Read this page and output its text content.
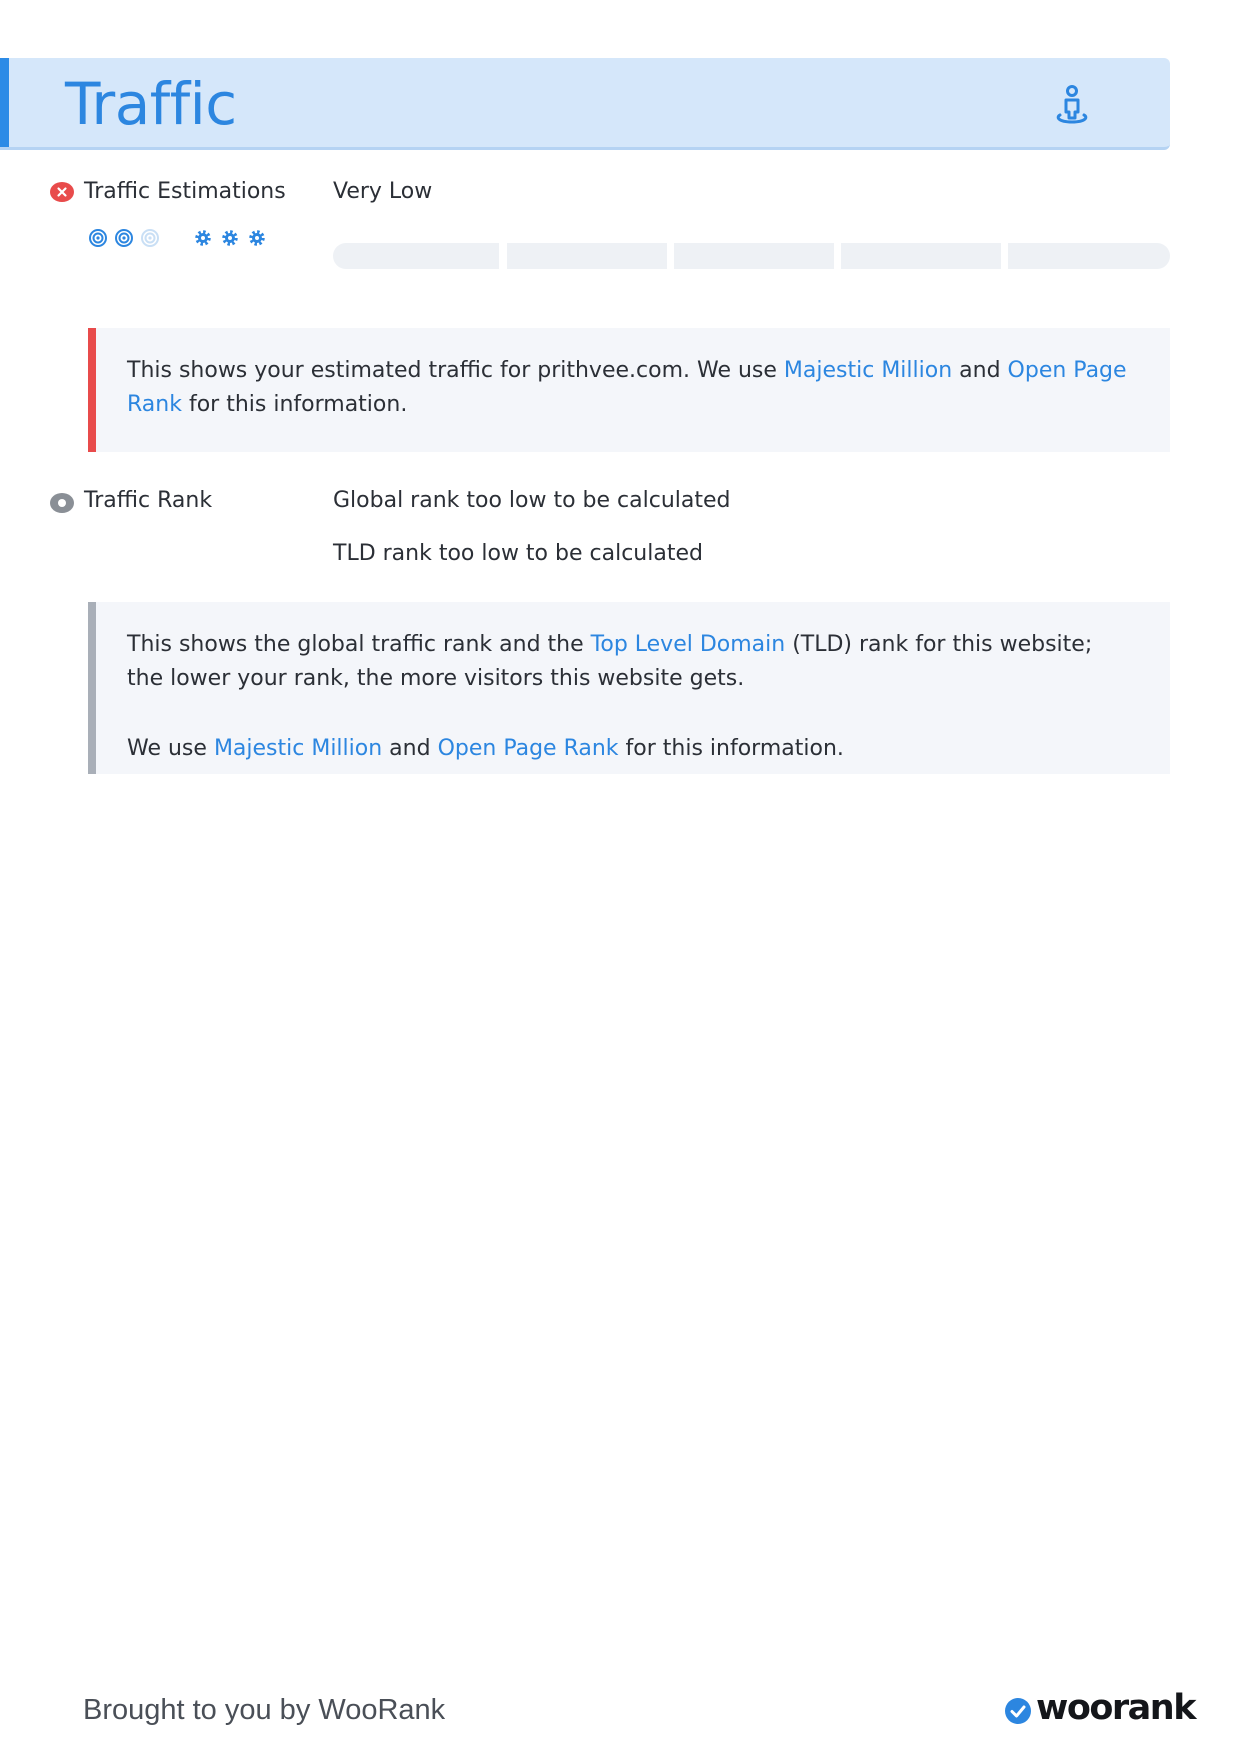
Traffic
Traffic Estimations Very Low

This shows your estimated traffic for prithvee.com. We use Majestic Million and Open Page Rank for this information.

Traffic Rank	Global rank too low to be calculated
TLD rank too low to be calculated

This shows the global traffic rank and the Top Level Domain (TLD) rank for this website; the lower your rank, the more visitors this website gets.

We use Majestic Million and Open Page Rank for this information.

Brought to you by WooRank	woorank
